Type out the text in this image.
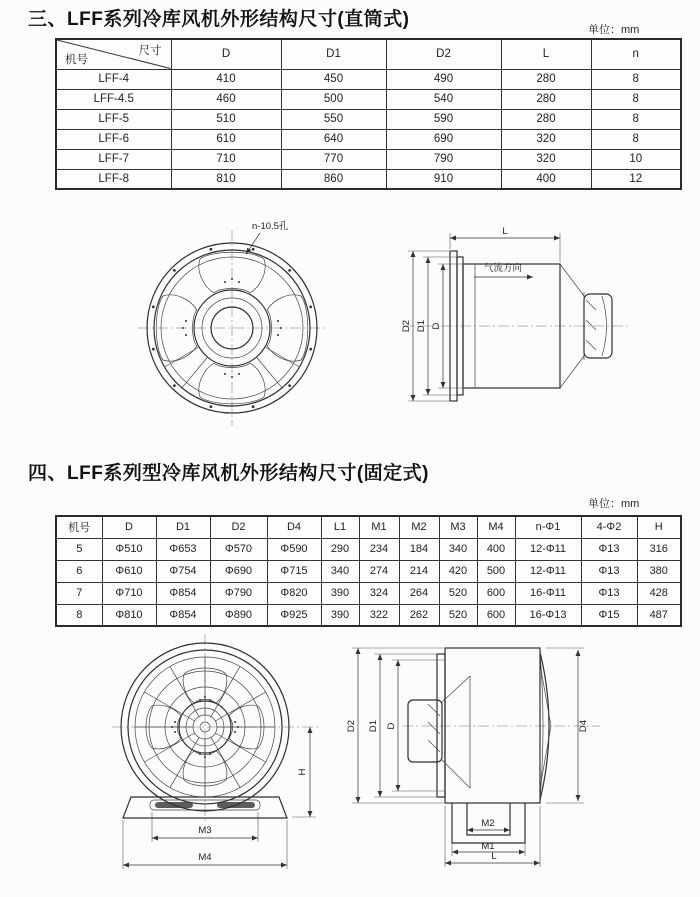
三、LFF系列冷库风机外形结构尺寸(直筒式)	单位：mm
尺寸
机号	D	D1	D2	L	n
LFF-4	410	450	490	280	8
LFF-4.5	460	500	540	280	8
LFF-5	510	550	590	280	8
LFF-6	610	640	690	320	8
LFF-7	710	770	790	320	10
LFF-8	810	860	910	400	12
n-10.5孔
气流方向
L
D2 D1 D
四、LFF系列型冷库风机外形结构尺寸(固定式)
单位：mm
机号	D	D1	D2	D4	L1	M1	M2	M3	M4	n-Φ1	4-Φ2	H
5	Φ510	Φ653	Φ570	Φ590	290	234	184	340	400	12-Φ11	Φ13	316
6	Φ610	Φ754	Φ690	Φ715	340	274	214	420	500	12-Φ11	Φ13	380
7	Φ710	Φ854	Φ790	Φ820	390	324	264	520	600	16-Φ11	Φ13	428
8	Φ810	Φ854	Φ890	Φ925	390	322	262	520	600	16-Φ13	Φ15	487
H
M3
M4
D2 D1 D	D4
M2
M1
L
